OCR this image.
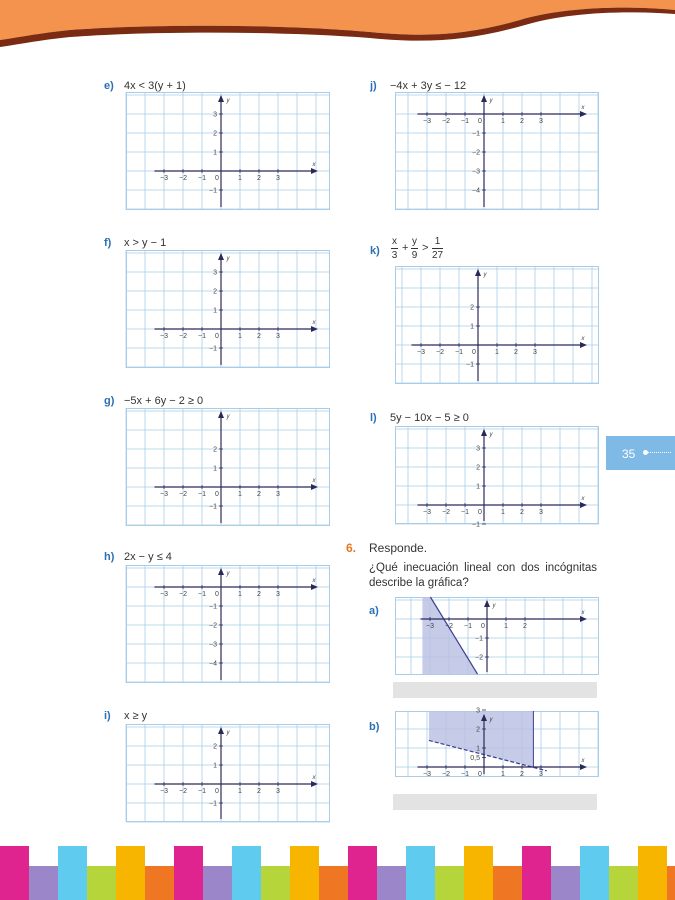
e) 4x < 3(y + 1)
f) x > y − 1
g) −5x + 6y − 2 ≥ 0
h) 2x − y ≤ 4
i) x ≥ y
j) −4x + 3y ≤ − 12
$k) \frac{x}{3} + \frac{y}{9} > \frac{1}{27}$
l) 5y − 10x − 5 ≥ 0
x
y
−3 −2 −1 0	1 2 3
3
2
1
−1
x
y
−3 −2 −1 0	1 2 3
3
2
1
−1
x
y
−3 −2 −1 0	1 2 3
2
1
−1
x
y
−3 −2 −1 0	1 2 3
−1
−2
−3
−4
x
y
−3 −2 −1 0	1 2 3
2
1
−1
x
y
−3 −2 −1 0	1 2 3
−1
−2
−3
−4
x
y
−3 −2 −1 0	1 2 3
2
1
−1
x
y
−3 −2 −1 0	1 2 3
3
2
1
−1
x
y
−3 −2 −1 0	1 2
−1
−2
x
y
−3 −2 −1 0	1 2 3
3
2
1
0,5
6. Responde.
¿Qué inecuación lineal con dos incógnitas describe la gráfica?
a)
b)
35
